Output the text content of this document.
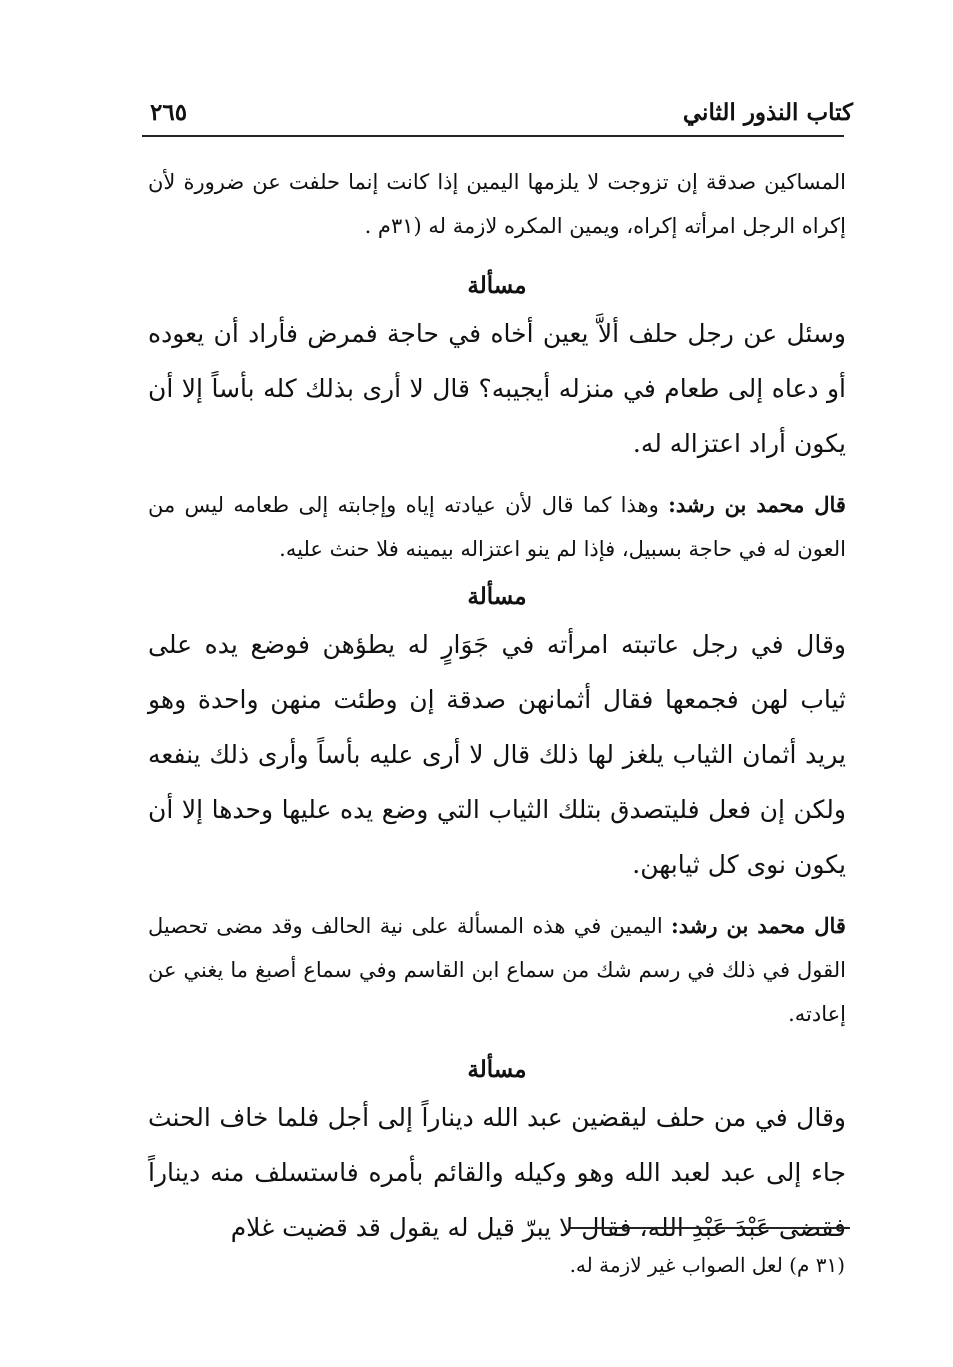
كتاب النذور الثاني
٢٦٥

المساكين صدقة إن تزوجت لا يلزمها اليمين إذا كانت إنما حلفت عن ضرورة لأن إكراه الرجل امرأته إكراه، ويمين المكره لازمة له (٣١م .

مسألة

وسئل عن رجل حلف ألاَّ يعين أخاه في حاجة فمرض فأراد أن يعوده أو دعاه إلى طعام في منزله أيجيبه؟ قال لا أرى بذلك كله بأساً إلا أن يكون أراد اعتزاله له.

قال محمد بن رشد: وهذا كما قال لأن عيادته إياه وإجابته إلى طعامه ليس من العون له في حاجة بسبيل، فإذا لم ينو اعتزاله بيمينه فلا حنث عليه.

مسألة

وقال في رجل عاتبته امرأته في جَوَارٍ له يطؤهن فوضع يده على ثياب لهن فجمعها فقال أثمانهن صدقة إن وطئت منهن واحدة وهو يريد أثمان الثياب يلغز لها ذلك قال لا أرى عليه بأساً وأرى ذلك ينفعه ولكن إن فعل فليتصدق بتلك الثياب التي وضع يده عليها وحدها إلا أن يكون نوى كل ثيابهن.

قال محمد بن رشد: اليمين في هذه المسألة على نية الحالف وقد مضى تحصيل القول في ذلك في رسم شك من سماع ابن القاسم وفي سماع أصبغ ما يغني عن إعادته.

مسألة

وقال في من حلف ليقضين عبد الله ديناراً إلى أجل فلما خاف الحنث جاء إلى عبد لعبد الله وهو وكيله والقائم بأمره فاستسلف منه ديناراً فقضى عَبْدَ عَبْدِ الله، فقال لا يبرّ قيل له يقول قد قضيت غلام

(٣١ م) لعل الصواب غير لازمة له.
